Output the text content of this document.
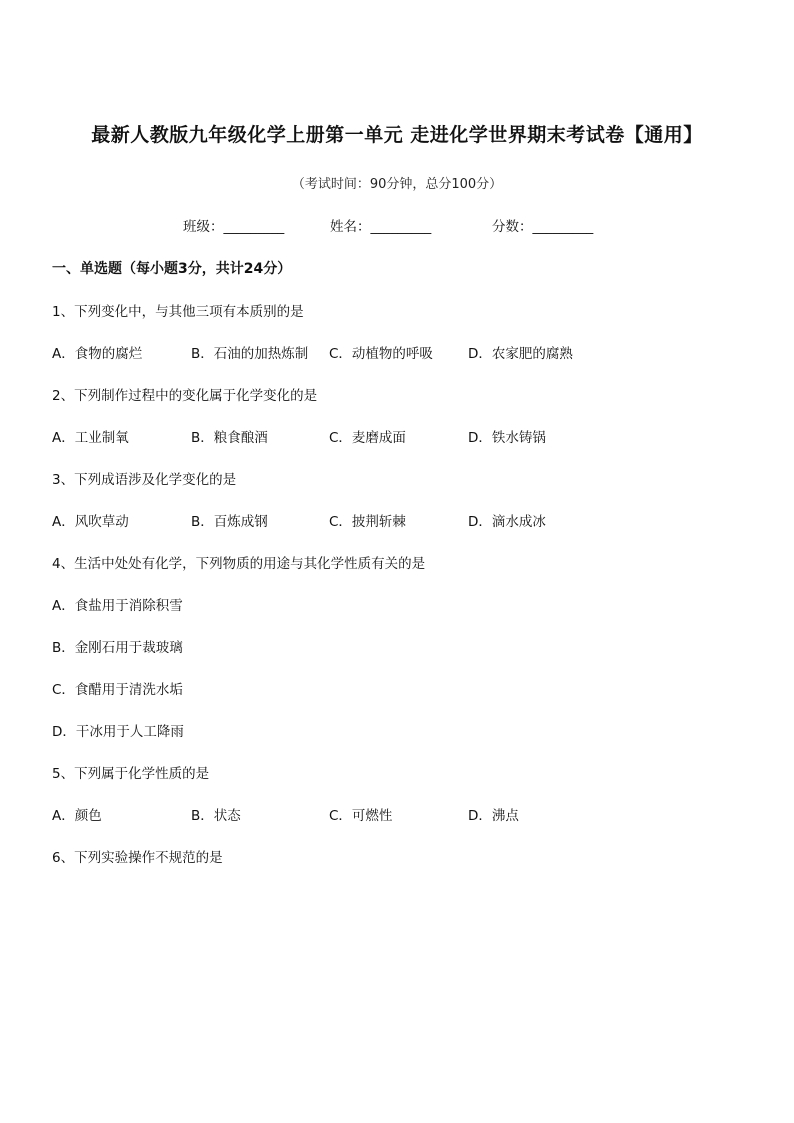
最新人教版九年级化学上册第一单元 走进化学世界期末考试卷【通用】
（考试时间：90分钟，总分100分）
班级：_________	姓名：_________	分数：_________
一、单选题（每小题3分，共计24分）
1、下列变化中，与其他三项有本质别的是
A．食物的腐烂	B．石油的加热炼制 C．动植物的呼吸	D．农家肥的腐熟
2、下列制作过程中的变化属于化学变化的是
A．工业制氧	B．粮食酿酒	C．麦磨成面	D．铁水铸锅
3、下列成语涉及化学变化的是
A．风吹草动	B．百炼成钢	C．披荆斩棘	D．滴水成冰
4、生活中处处有化学，下列物质的用途与其化学性质有关的是
A．食盐用于消除积雪
B．金刚石用于裁玻璃
C．食醋用于清洗水垢
D．干冰用于人工降雨
5、下列属于化学性质的是
A．颜色	B．状态	C．可燃性	D．沸点
6、下列实验操作不规范的是
